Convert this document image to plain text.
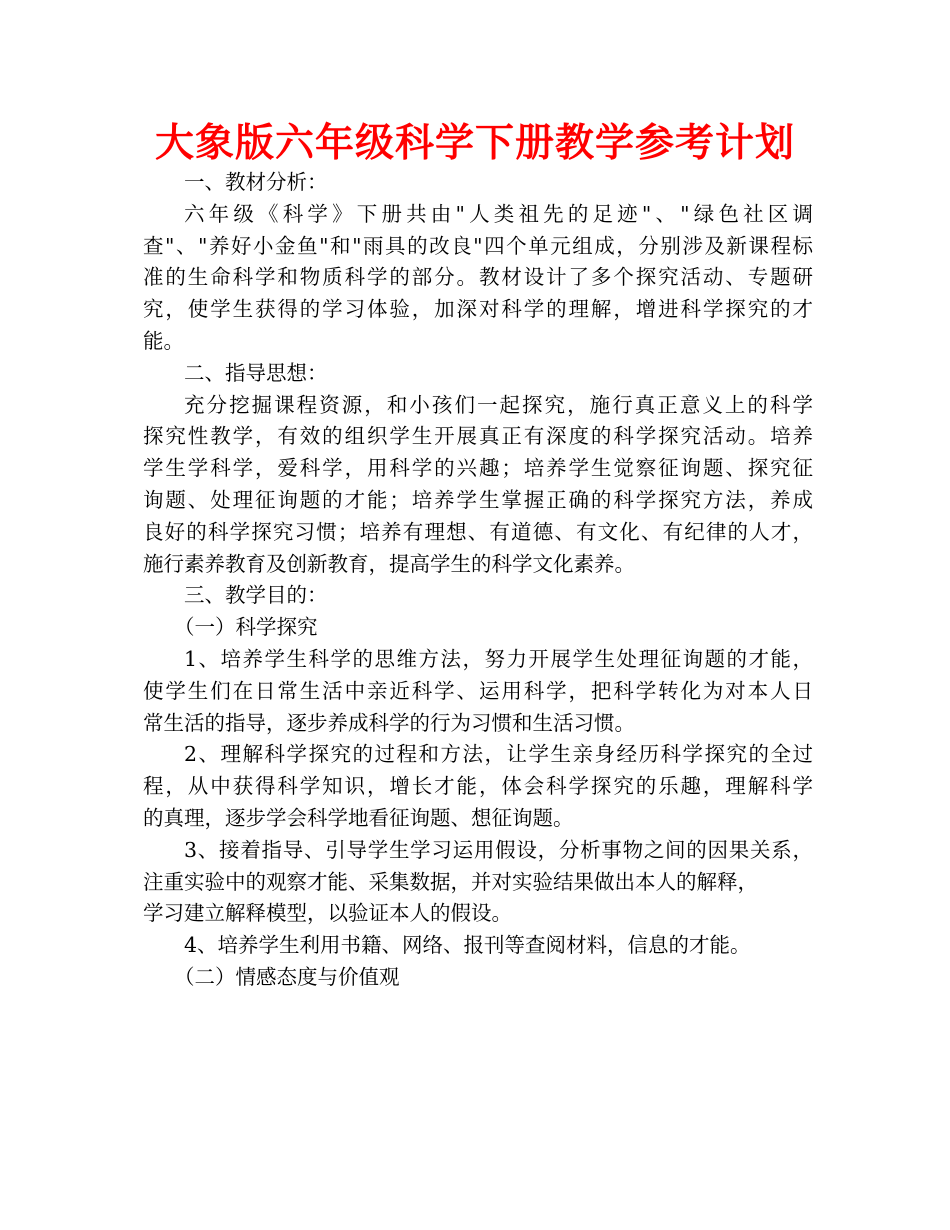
大象版六年级科学下册教学参考计划
一、教材分析：
六年级《科学》下册共由"人类祖先的足迹"、"绿色社区调
查"、"养好小金鱼"和"雨具的改良"四个单元组成，分别涉及新课程标
准的生命科学和物质科学的部分。教材设计了多个探究活动、专题研
究，使学生获得的学习体验，加深对科学的理解，增进科学探究的才
能。
二、指导思想：
充分挖掘课程资源，和小孩们一起探究，施行真正意义上的科学
探究性教学，有效的组织学生开展真正有深度的科学探究活动。培养
学生学科学，爱科学，用科学的兴趣；培养学生觉察征询题、探究征
询题、处理征询题的才能；培养学生掌握正确的科学探究方法，养成
良好的科学探究习惯；培养有理想、有道德、有文化、有纪律的人才，
施行素养教育及创新教育，提高学生的科学文化素养。
三、教学目的：
（一）科学探究
1、培养学生科学的思维方法，努力开展学生处理征询题的才能，
使学生们在日常生活中亲近科学、运用科学，把科学转化为对本人日
常生活的指导，逐步养成科学的行为习惯和生活习惯。
2、理解科学探究的过程和方法，让学生亲身经历科学探究的全过
程，从中获得科学知识，增长才能，体会科学探究的乐趣，理解科学
的真理，逐步学会科学地看征询题、想征询题。
3、接着指导、引导学生学习运用假设，分析事物之间的因果关系，
注重实验中的观察才能、采集数据，并对实验结果做出本人的解释，
学习建立解释模型，以验证本人的假设。
4、培养学生利用书籍、网络、报刊等查阅材料，信息的才能。
（二）情感态度与价值观
